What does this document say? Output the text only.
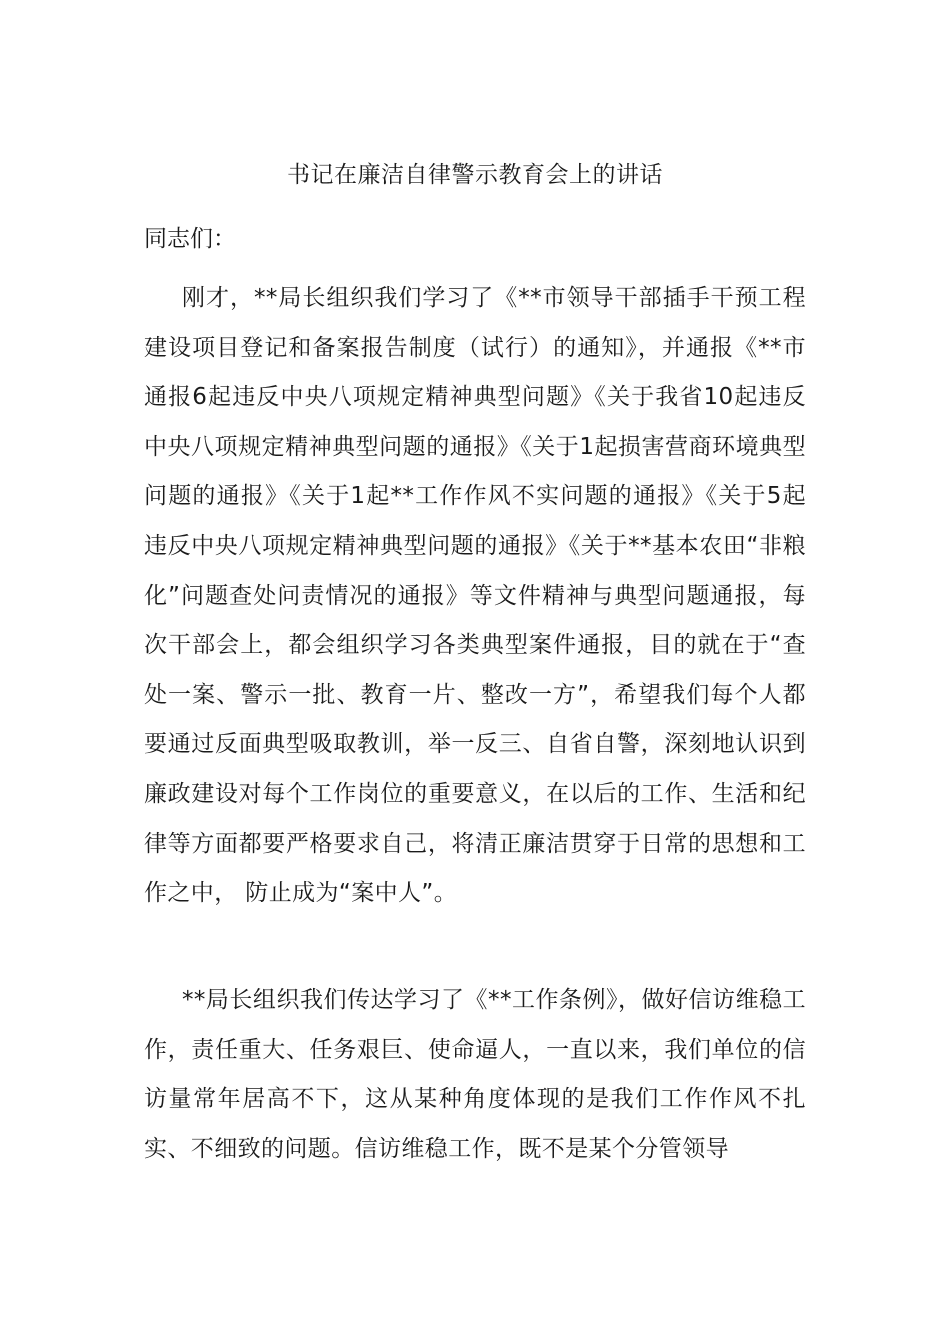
书记在廉洁自律警示教育会上的讲话

同志们：

刚才，**局长组织我们学习了《**市领导干部插手干预工程建设项目登记和备案报告制度（试行）的通知》，并通报《**市通报6起违反中央八项规定精神典型问题》《关于我省10起违反中央八项规定精神典型问题的通报》《关于1起损害营商环境典型问题的通报》《关于1起**工作作风不实问题的通报》《关于5起违反中央八项规定精神典型问题的通报》《关于**基本农田“非粮化”问题查处问责情况的通报》等文件精神与典型问题通报，每次干部会上，都会组织学习各类典型案件通报，目的就在于“查处一案、警示一批、教育一片、整改一方”，希望我们每个人都要通过反面典型吸取教训，举一反三、自省自警，深刻地认识到廉政建设对每个工作岗位的重要意义，在以后的工作、生活和纪律等方面都要严格要求自己，将清正廉洁贯穿于日常的思想和工作之中， 防止成为“案中人”。

**局长组织我们传达学习了《**工作条例》，做好信访维稳工作，责任重大、任务艰巨、使命逼人，一直以来，我们单位的信访量常年居高不下，这从某种角度体现的是我们工作作风不扎实、不细致的问题。信访维稳工作，既不是某个分管领导
